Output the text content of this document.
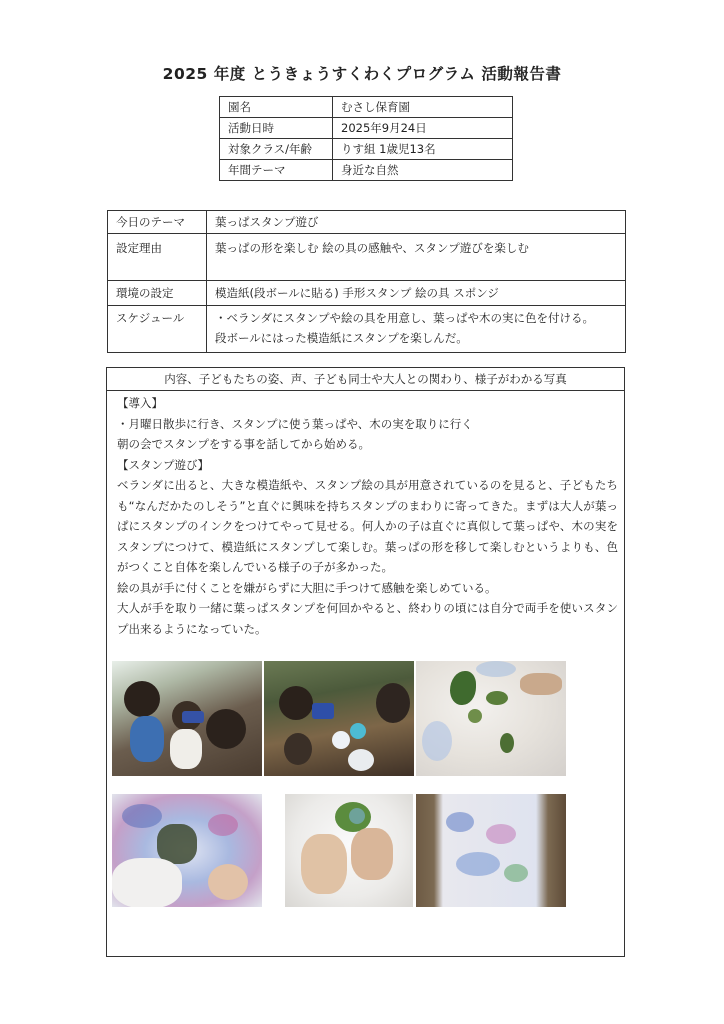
2025 年度 とうきょうすくわくプログラム 活動報告書
園名	むさし保育園
活動日時	2025年9月24日
対象クラス/年齢	りす組 1歳児13名
年間テーマ	身近な自然
今日のテーマ	葉っぱスタンプ遊び
設定理由	葉っぱの形を楽しむ 絵の具の感触や、スタンプ遊びを楽しむ
環境の設定	模造紙(段ボールに貼る) 手形スタンプ 絵の具 スポンジ
スケジュール	・ベランダにスタンプや絵の具を用意し、葉っぱや木の実に色を付ける。
段ボールにはった模造紙にスタンプを楽しんだ。
内容、子どもたちの姿、声、子ども同士や大人との関わり、様子がわかる写真

【導入】

・月曜日散歩に行き、スタンプに使う葉っぱや、木の実を取りに行く

朝の会でスタンプをする事を話してから始める。

【スタンプ遊び】

ベランダに出ると、大きな模造紙や、スタンプ絵の具が用意されているのを見ると、子どもたちも“なんだかたのしそう”と直ぐに興味を持ちスタンプのまわりに寄ってきた。まずは大人が葉っぱにスタンプのインクをつけてやって見せる。何人かの子は直ぐに真似して葉っぱや、木の実をスタンプにつけて、模造紙にスタンプして楽しむ。葉っぱの形を移して楽しむというよりも、色がつくこと自体を楽しんでいる様子の子が多かった。

絵の具が手に付くことを嫌がらずに大胆に手つけて感触を楽しめている。

大人が手を取り一緒に葉っぱスタンプを何回かやると、終わりの頃には自分で両手を使いスタンプ出来るようになっていた。
